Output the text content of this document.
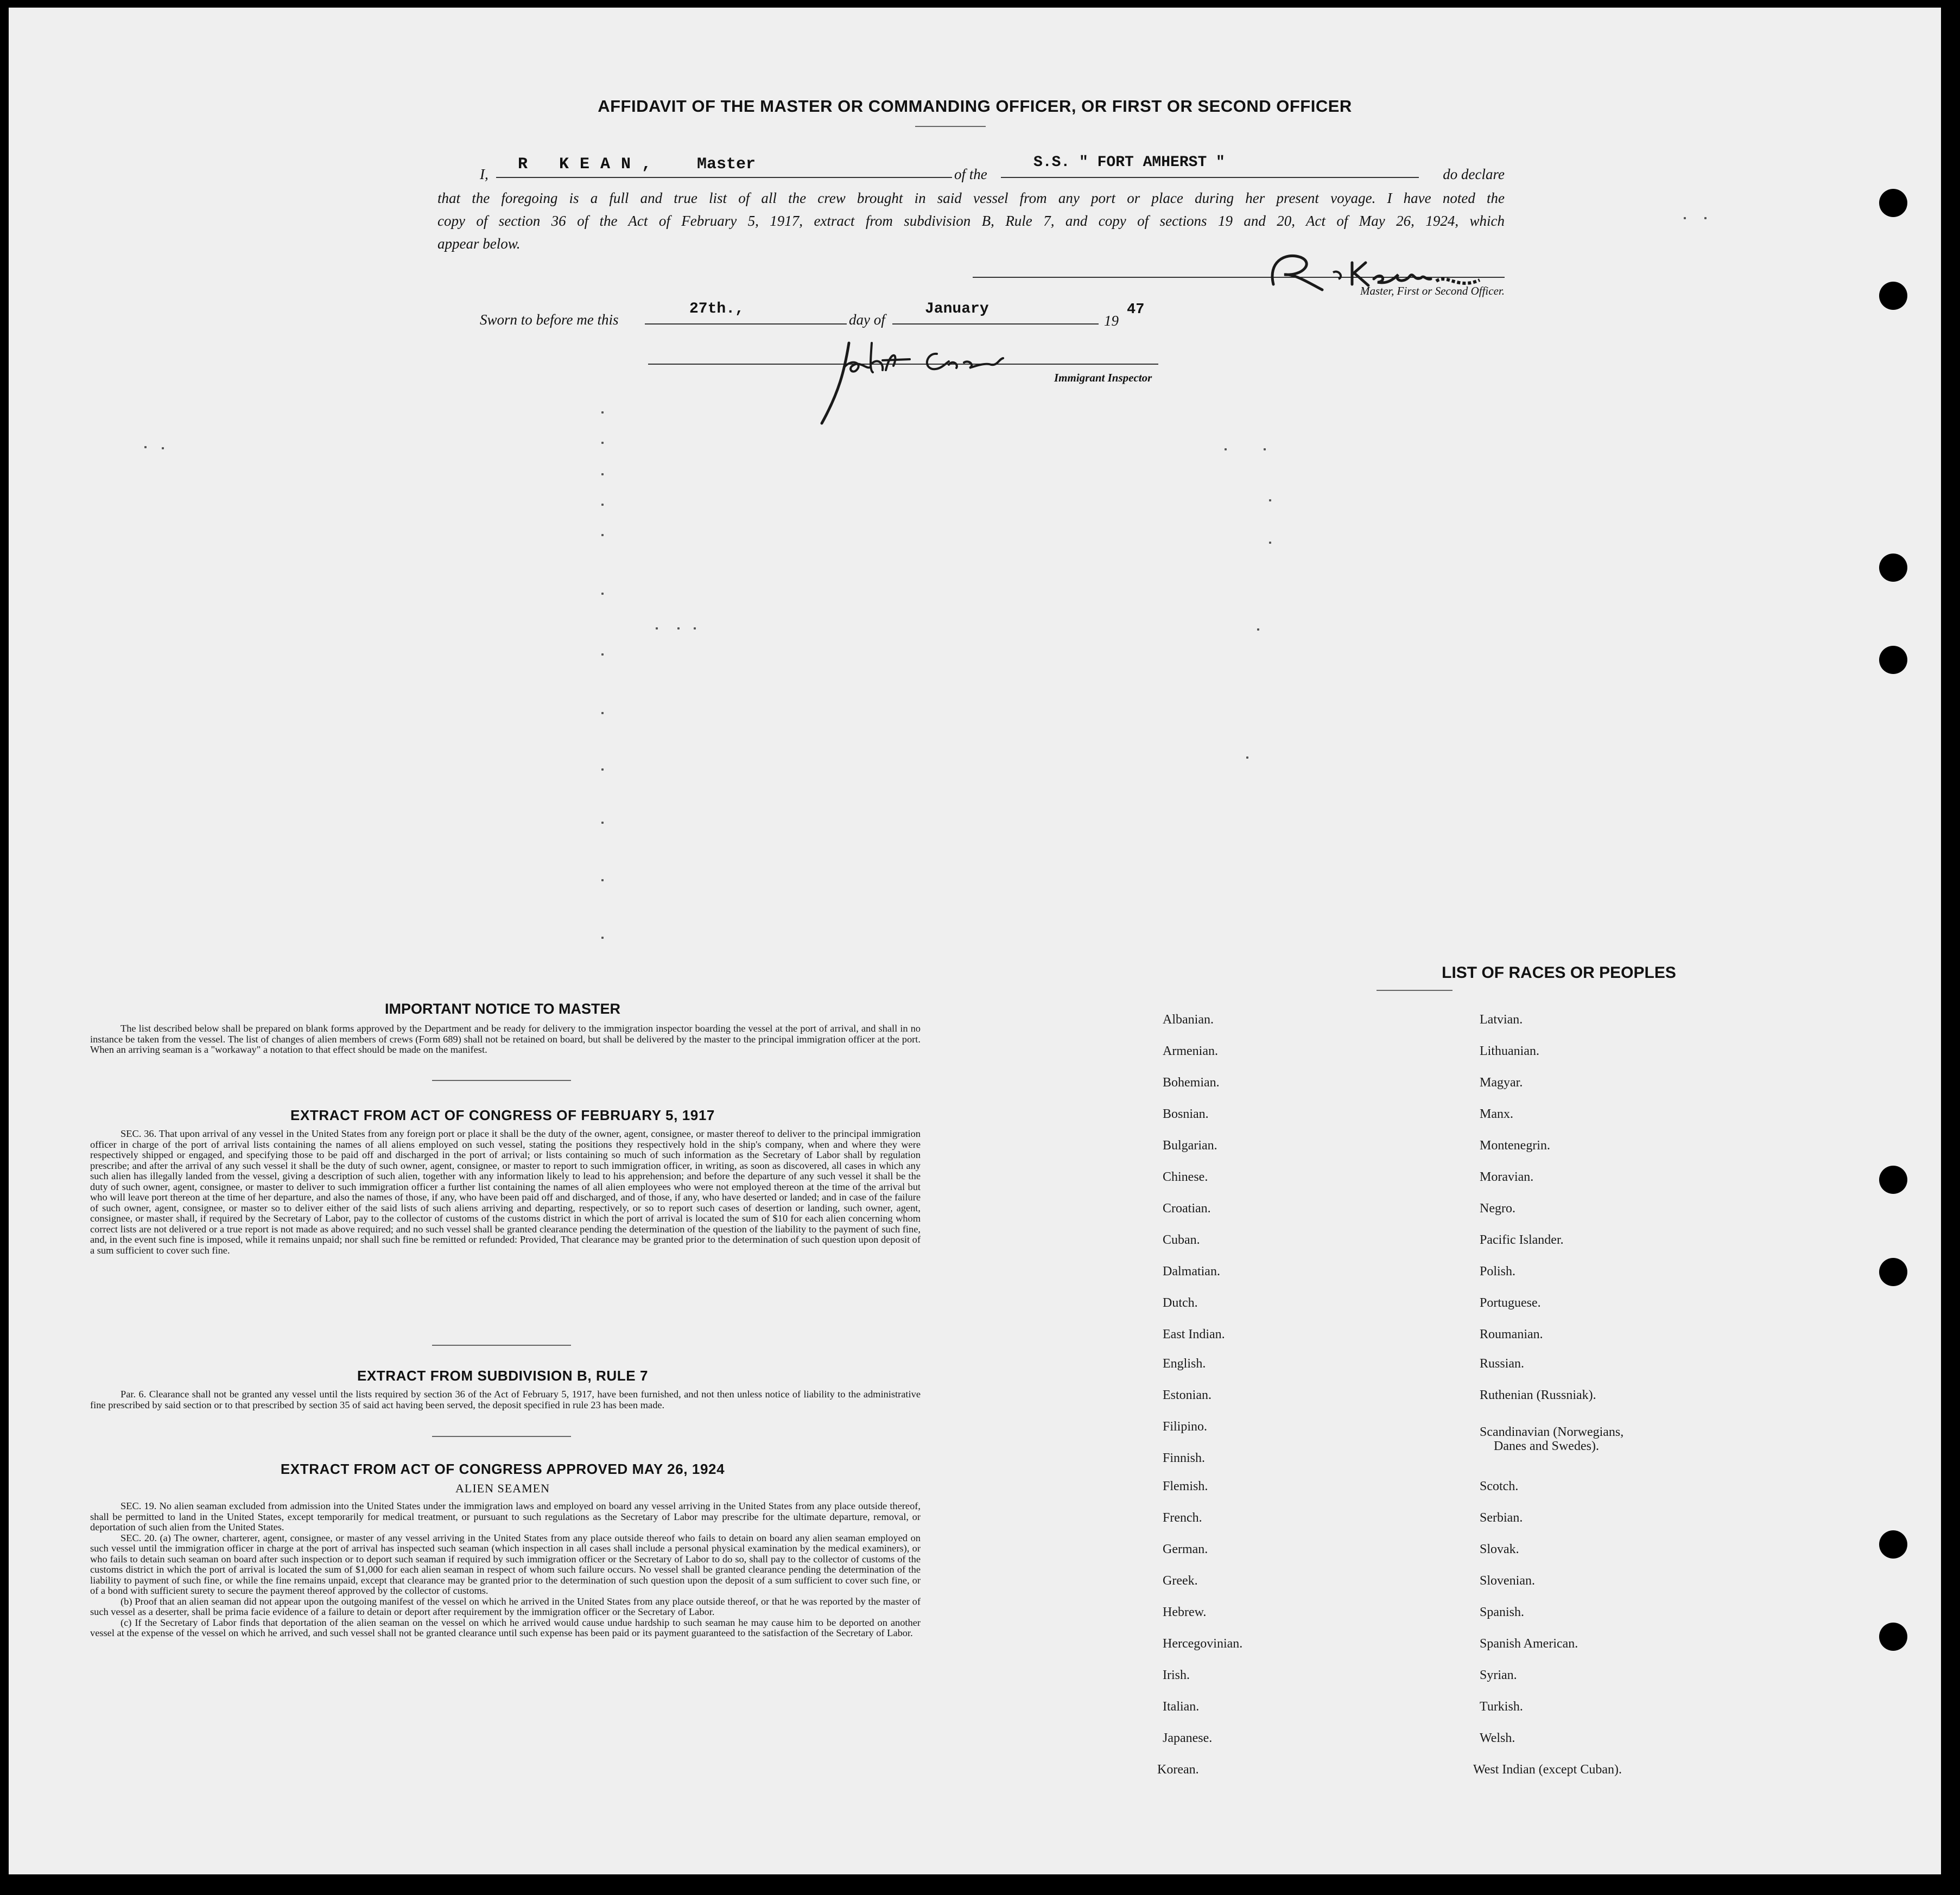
AFFIDAVIT OF THE MASTER OR COMMANDING OFFICER, OR FIRST OR SECOND OFFICER
I,
R KEAN, Master
of the
S.S. " FORT AMHERST "
do declare
that the foregoing is a full and true list of all the crew brought in said vessel from any port or place during her present voyage. I have noted the
copy of section 36 of the Act of February 5, 1917, extract from subdivision B, Rule 7, and copy of sections 19 and 20, Act of May 26, 1924, which
appear below.
Master, First or Second Officer.
Sworn to before me this
27th.,
day of
January
19
47
Immigrant Inspector
IMPORTANT NOTICE TO MASTER

The list described below shall be prepared on blank forms approved by the Department and be ready for delivery to the immigration inspector boarding the vessel at the port of arrival, and shall in no instance be taken from the vessel. The list of changes of alien members of crews (Form 689) shall not be retained on board, but shall be delivered by the master to the principal immigration officer at the port. When an arriving seaman is a "workaway" a notation to that effect should be made on the manifest.

EXTRACT FROM ACT OF CONGRESS OF FEBRUARY 5, 1917

SEC. 36. That upon arrival of any vessel in the United States from any foreign port or place it shall be the duty of the owner, agent, consignee, or master thereof to deliver to the principal immigration officer in charge of the port of arrival lists containing the names of all aliens employed on such vessel, stating the positions they respectively hold in the ship's company, when and where they were respectively shipped or engaged, and specifying those to be paid off and discharged in the port of arrival; or lists containing so much of such information as the Secretary of Labor shall by regulation prescribe; and after the arrival of any such vessel it shall be the duty of such owner, agent, consignee, or master to report to such immigration officer, in writing, as soon as discovered, all cases in which any such alien has illegally landed from the vessel, giving a description of such alien, together with any information likely to lead to his apprehension; and before the departure of any such vessel it shall be the duty of such owner, agent, consignee, or master to deliver to such immigration officer a further list containing the names of all alien employees who were not employed thereon at the time of the arrival but who will leave port thereon at the time of her departure, and also the names of those, if any, who have been paid off and discharged, and of those, if any, who have deserted or landed; and in case of the failure of such owner, agent, consignee, or master so to deliver either of the said lists of such aliens arriving and departing, respectively, or so to report such cases of desertion or landing, such owner, agent, consignee, or master shall, if required by the Secretary of Labor, pay to the collector of customs of the customs district in which the port of arrival is located the sum of $10 for each alien concerning whom correct lists are not delivered or a true report is not made as above required; and no such vessel shall be granted clearance pending the determination of the question of the liability to the payment of such fine, and, in the event such fine is imposed, while it remains unpaid; nor shall such fine be remitted or refunded: Provided, That clearance may be granted prior to the determination of such question upon deposit of a sum sufficient to cover such fine.

EXTRACT FROM SUBDIVISION B, RULE 7

Par. 6. Clearance shall not be granted any vessel until the lists required by section 36 of the Act of February 5, 1917, have been furnished, and not then unless notice of liability to the administrative fine prescribed by said section or to that prescribed by section 35 of said act having been served, the deposit specified in rule 23 has been made.

EXTRACT FROM ACT OF CONGRESS APPROVED MAY 26, 1924
ALIEN SEAMEN

SEC. 19. No alien seaman excluded from admission into the United States under the immigration laws and employed on board any vessel arriving in the United States from any place outside thereof, shall be permitted to land in the United States, except temporarily for medical treatment, or pursuant to such regulations as the Secretary of Labor may prescribe for the ultimate departure, removal, or deportation of such alien from the United States.

SEC. 20. (a) The owner, charterer, agent, consignee, or master of any vessel arriving in the United States from any place outside thereof who fails to detain on board any alien seaman employed on such vessel until the immigration officer in charge at the port of arrival has inspected such seaman (which inspection in all cases shall include a personal physical examination by the medical examiners), or who fails to detain such seaman on board after such inspection or to deport such seaman if required by such immigration officer or the Secretary of Labor to do so, shall pay to the collector of customs of the customs district in which the port of arrival is located the sum of $1,000 for each alien seaman in respect of whom such failure occurs. No vessel shall be granted clearance pending the determination of the liability to payment of such fine, or while the fine remains unpaid, except that clearance may be granted prior to the determination of such question upon the deposit of a sum sufficient to cover such fine, or of a bond with sufficient surety to secure the payment thereof approved by the collector of customs.

(b) Proof that an alien seaman did not appear upon the outgoing manifest of the vessel on which he arrived in the United States from any place outside thereof, or that he was reported by the master of such vessel as a deserter, shall be prima facie evidence of a failure to detain or deport after requirement by the immigration officer or the Secretary of Labor.

(c) If the Secretary of Labor finds that deportation of the alien seaman on the vessel on which he arrived would cause undue hardship to such seaman he may cause him to be deported on another vessel at the expense of the vessel on which he arrived, and such vessel shall not be granted clearance until such expense has been paid or its payment guaranteed to the satisfaction of the Secretary of Labor.

LIST OF RACES OR PEOPLES
Albanian.
Armenian.
Bohemian.
Bosnian.
Bulgarian.
Chinese.
Croatian.
Cuban.
Dalmatian.
Dutch.
East Indian.
English.
Estonian.
Filipino.
Finnish.
Flemish.
French.
German.
Greek.
Hebrew.
Hercegovinian.
Irish.
Italian.
Japanese.
Korean.
Latvian.
Lithuanian.
Magyar.
Manx.
Montenegrin.
Moravian.
Negro.
Pacific Islander.
Polish.
Portuguese.
Roumanian.
Russian.
Ruthenian (Russniak).
Scandinavian (Norwegians,
Danes and Swedes).
Scotch.
Serbian.
Slovak.
Slovenian.
Spanish.
Spanish American.
Syrian.
Turkish.
Welsh.
West Indian (except Cuban).
